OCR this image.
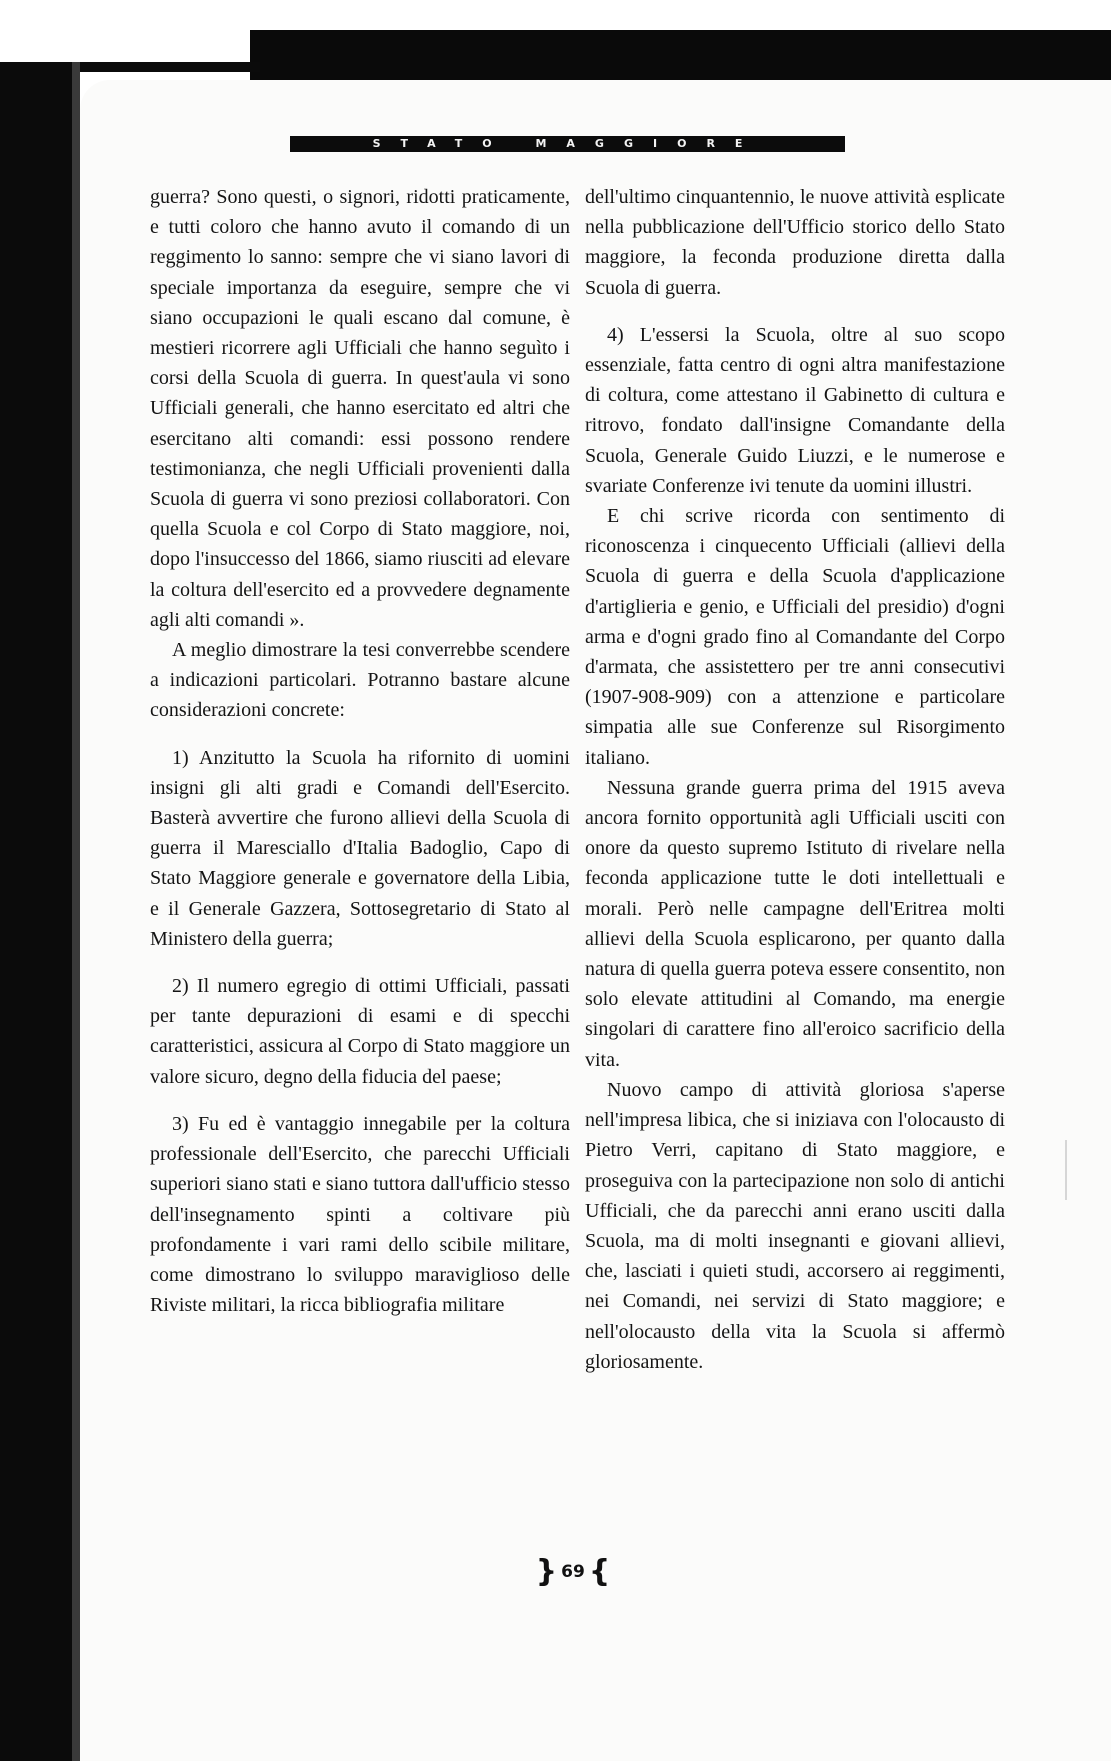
STATO MAGGIORE

guerra? Sono questi, o signori, ridotti praticamente, e tutti coloro che hanno avuto il comando di un reggimento lo sanno: sempre che vi siano lavori di speciale importanza da eseguire, sempre che vi siano occupazioni le quali escano dal comune, è mestieri ricorrere agli Ufficiali che hanno seguìto i corsi della Scuola di guerra. In quest'aula vi sono Ufficiali generali, che hanno esercitato ed altri che esercitano alti comandi: essi possono rendere testimonianza, che negli Ufficiali provenienti dalla Scuola di guerra vi sono preziosi collaboratori. Con quella Scuola e col Corpo di Stato maggiore, noi, dopo l'insuccesso del 1866, siamo riusciti ad elevare la coltura dell'esercito ed a provvedere degnamente agli alti comandi ».

A meglio dimostrare la tesi converrebbe scendere a indicazioni particolari. Potranno bastare alcune considerazioni concrete:

1) Anzitutto la Scuola ha rifornito di uomini insigni gli alti gradi e Comandi dell'Esercito. Basterà avvertire che furono allievi della Scuola di guerra il Maresciallo d'Italia Badoglio, Capo di Stato Maggiore generale e governatore della Libia, e il Generale Gazzera, Sottosegretario di Stato al Ministero della guerra;

2) Il numero egregio di ottimi Ufficiali, passati per tante depurazioni di esami e di specchi caratteristici, assicura al Corpo di Stato maggiore un valore sicuro, degno della fiducia del paese;

3) Fu ed è vantaggio innegabile per la coltura professionale dell'Esercito, che parecchi Ufficiali superiori siano stati e siano tuttora dall'ufficio stesso dell'insegnamento spinti a coltivare più profondamente i vari rami dello scibile militare, come dimostrano lo sviluppo maraviglioso delle Riviste militari, la ricca bibliografia militare

dell'ultimo cinquantennio, le nuove attività esplicate nella pubblicazione dell'Ufficio storico dello Stato maggiore, la feconda produzione diretta dalla Scuola di guerra.

4) L'essersi la Scuola, oltre al suo scopo essenziale, fatta centro di ogni altra manifestazione di coltura, come attestano il Gabinetto di cultura e ritrovo, fondato dall'insigne Comandante della Scuola, Generale Guido Liuzzi, e le numerose e svariate Conferenze ivi tenute da uomini illustri.

E chi scrive ricorda con sentimento di riconoscenza i cinquecento Ufficiali (allievi della Scuola di guerra e della Scuola d'applicazione d'artiglieria e genio, e Ufficiali del presidio) d'ogni arma e d'ogni grado fino al Comandante del Corpo d'armata, che assistettero per tre anni consecutivi (1907-908-909) con a attenzione e particolare simpatia alle sue Conferenze sul Risorgimento italiano.

Nessuna grande guerra prima del 1915 aveva ancora fornito opportunità agli Ufficiali usciti con onore da questo supremo Istituto di rivelare nella feconda applicazione tutte le doti intellettuali e morali. Però nelle campagne dell'Eritrea molti allievi della Scuola esplicarono, per quanto dalla natura di quella guerra poteva essere consentito, non solo elevate attitudini al Comando, ma energie singolari di carattere fino all'eroico sacrificio della vita.

Nuovo campo di attività gloriosa s'aperse nell'impresa libica, che si iniziava con l'olocausto di Pietro Verri, capitano di Stato maggiore, e proseguiva con la partecipazione non solo di antichi Ufficiali, che da parecchi anni erano usciti dalla Scuola, ma di molti insegnanti e giovani allievi, che, lasciati i quieti studi, accorsero ai reggimenti, nei Comandi, nei servizi di Stato maggiore; e nell'olocausto della vita la Scuola si affermò gloriosamente.

} 69 {
